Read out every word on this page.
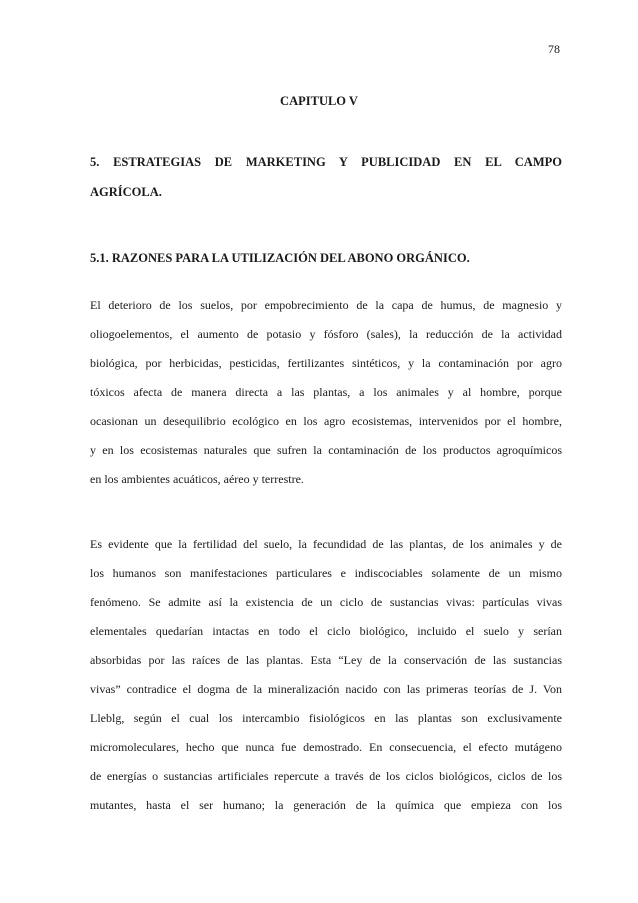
78
CAPITULO V
5. ESTRATEGIAS DE MARKETING Y PUBLICIDAD EN EL CAMPO
AGRÍCOLA.
5.1. RAZONES PARA LA UTILIZACIÓN DEL ABONO ORGÁNICO.
El deterioro de los suelos, por empobrecimiento de la capa de humus, de magnesio y
oliogoelementos, el aumento de potasio y fósforo (sales), la reducción de la actividad
biológica, por herbicidas, pesticidas, fertilizantes sintéticos, y la contaminación por agro
tóxicos afecta de manera directa a las plantas, a los animales y al hombre, porque
ocasionan un desequilibrio ecológico en los agro ecosistemas, intervenidos por el hombre,
y en los ecosistemas naturales que sufren la contaminación de los productos agroquímicos
en los ambientes acuáticos, aéreo y terrestre.
Es evidente que la fertilidad del suelo, la fecundidad de las plantas, de los animales y de
los humanos son manifestaciones particulares e indiscociables solamente de un mismo
fenómeno. Se admite así la existencia de un ciclo de sustancias vivas: partículas vivas
elementales quedarían intactas en todo el ciclo biológico, incluido el suelo y serían
absorbidas por las raíces de las plantas. Esta “Ley de la conservación de las sustancias
vivas” contradice el dogma de la mineralización nacido con las primeras teorías de J. Von
Lleblg, según el cual los intercambio fisiológicos en las plantas son exclusivamente
micromoleculares, hecho que nunca fue demostrado. En consecuencia, el efecto mutágeno
de energías o sustancias artificiales repercute a través de los ciclos biológicos, ciclos de los
mutantes, hasta el ser humano; la generación de la química que empieza con los
